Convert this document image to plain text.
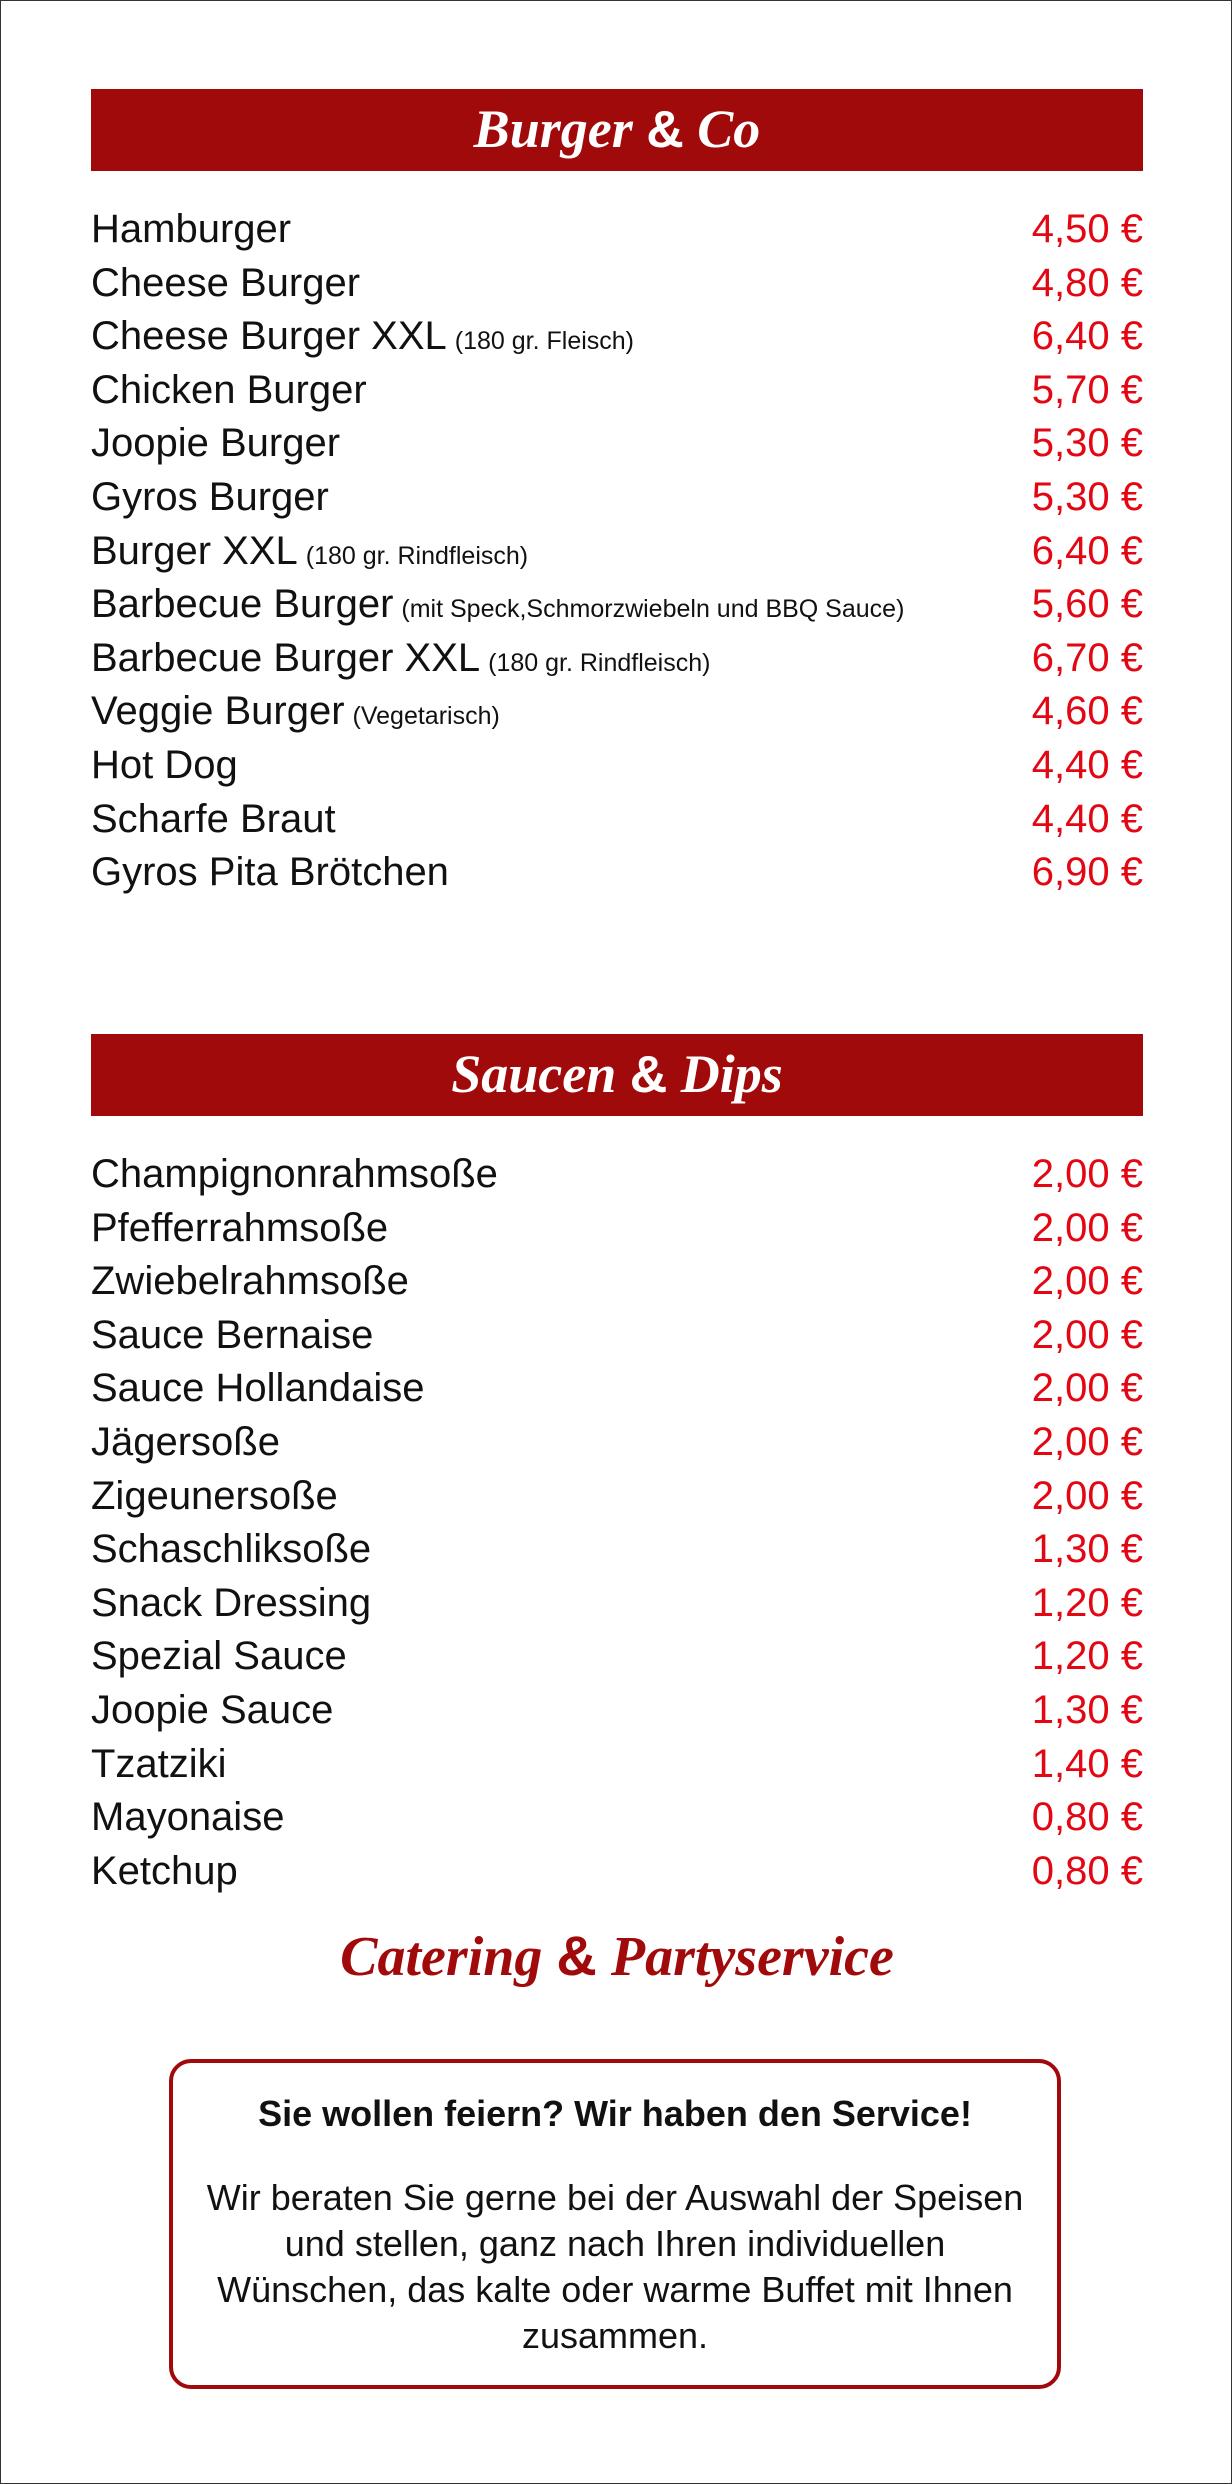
Burger & Co
Hamburger	4,50 €
Cheese Burger	4,80 €
Cheese Burger XXL (180 gr. Fleisch)	6,40 €
Chicken Burger	5,70 €
Joopie Burger	5,30 €
Gyros Burger	5,30 €
Burger XXL (180 gr. Rindfleisch)	6,40 €
Barbecue Burger (mit Speck,Schmorzwiebeln und BBQ Sauce)	5,60 €
Barbecue Burger XXL (180 gr. Rindfleisch)	6,70 €
Veggie Burger (Vegetarisch)	4,60 €
Hot Dog	4,40 €
Scharfe Braut	4,40 €
Gyros Pita Brötchen	6,90 €
Saucen & Dips
Champignonrahmsoße	2,00 €
Pfefferrahmsoße	2,00 €
Zwiebelrahmsoße	2,00 €
Sauce Bernaise	2,00 €
Sauce Hollandaise	2,00 €
Jägersoße	2,00 €
Zigeunersoße	2,00 €
Schaschliksoße	1,30 €
Snack Dressing	1,20 €
Spezial Sauce	1,20 €
Joopie Sauce	1,30 €
Tzatziki	1,40 €
Mayonaise	0,80 €
Ketchup	0,80 €
Catering & Partyservice
Sie wollen feiern? Wir haben den Service!
Wir beraten Sie gerne bei der Auswahl der Speisen und stellen, ganz nach Ihren individuellen Wünschen, das kalte oder warme Buffet mit Ihnen zusammen.
